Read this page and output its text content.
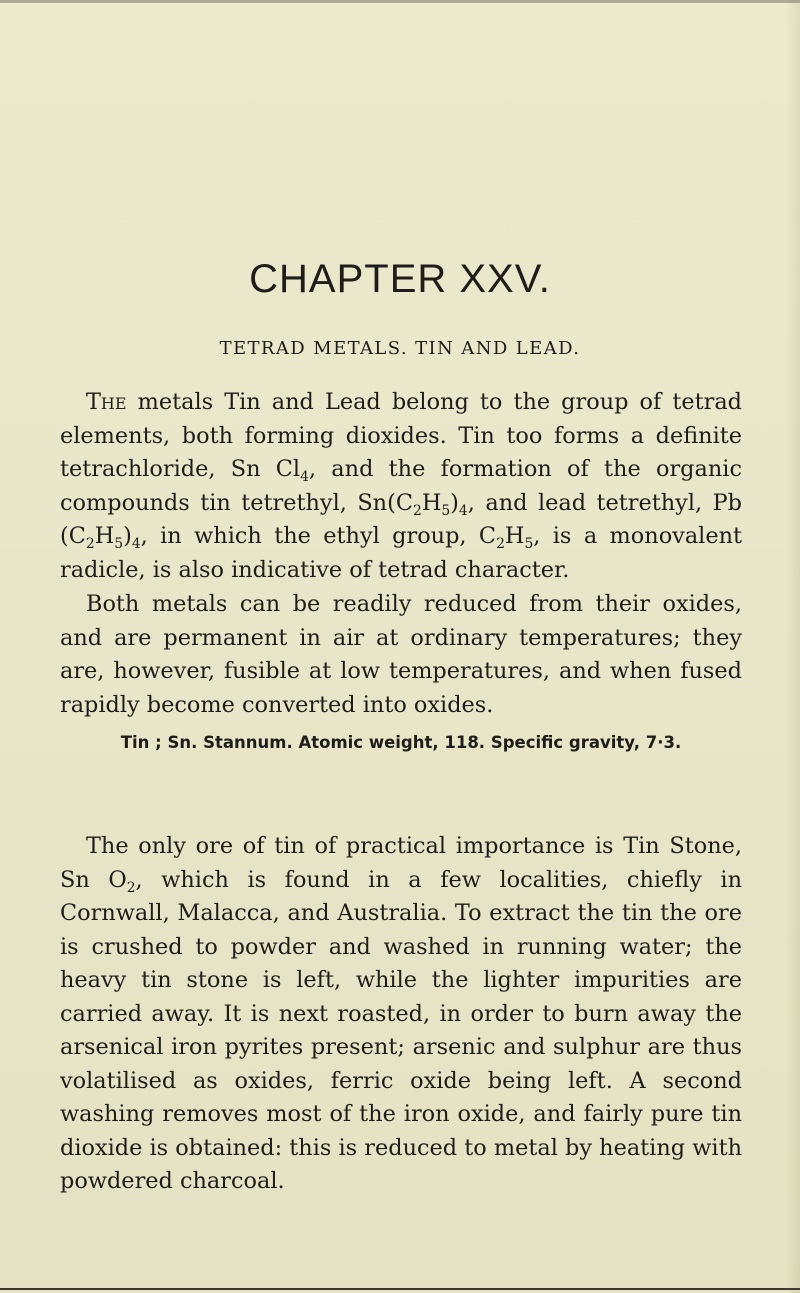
CHAPTER XXV.
TETRAD METALS. TIN AND LEAD.
The metals Tin and Lead belong to the group of tetrad elements, both forming dioxides. Tin too forms a definite tetrachloride, Sn $Cl_4$, and the formation of the organic compounds tin tetrethyl, $Sn(C_2H_5)_4$, and lead tetrethyl, Pb $(C_2H_5)_4$, in which the ethyl group, $C_2H_5$, is a monovalent radicle, is also indicative of tetrad character.
Both metals can be readily reduced from their oxides, and are permanent in air at ordinary temperatures; they are, however, fusible at low temperatures, and when fused rapidly become converted into oxides.
Tin ; Sn. Stannum. Atomic weight, 118. Specific gravity, 7·3.
The only ore of tin of practical importance is Tin Stone, Sn $O_2$, which is found in a few localities, chiefly in Cornwall, Malacca, and Australia. To extract the tin the ore is crushed to powder and washed in running water; the heavy tin stone is left, while the lighter impurities are carried away. It is next roasted, in order to burn away the arsenical iron pyrites present; arsenic and sulphur are thus volatilised as oxides, ferric oxide being left. A second washing removes most of the iron oxide, and fairly pure tin dioxide is obtained: this is reduced to metal by heating with powdered charcoal.
